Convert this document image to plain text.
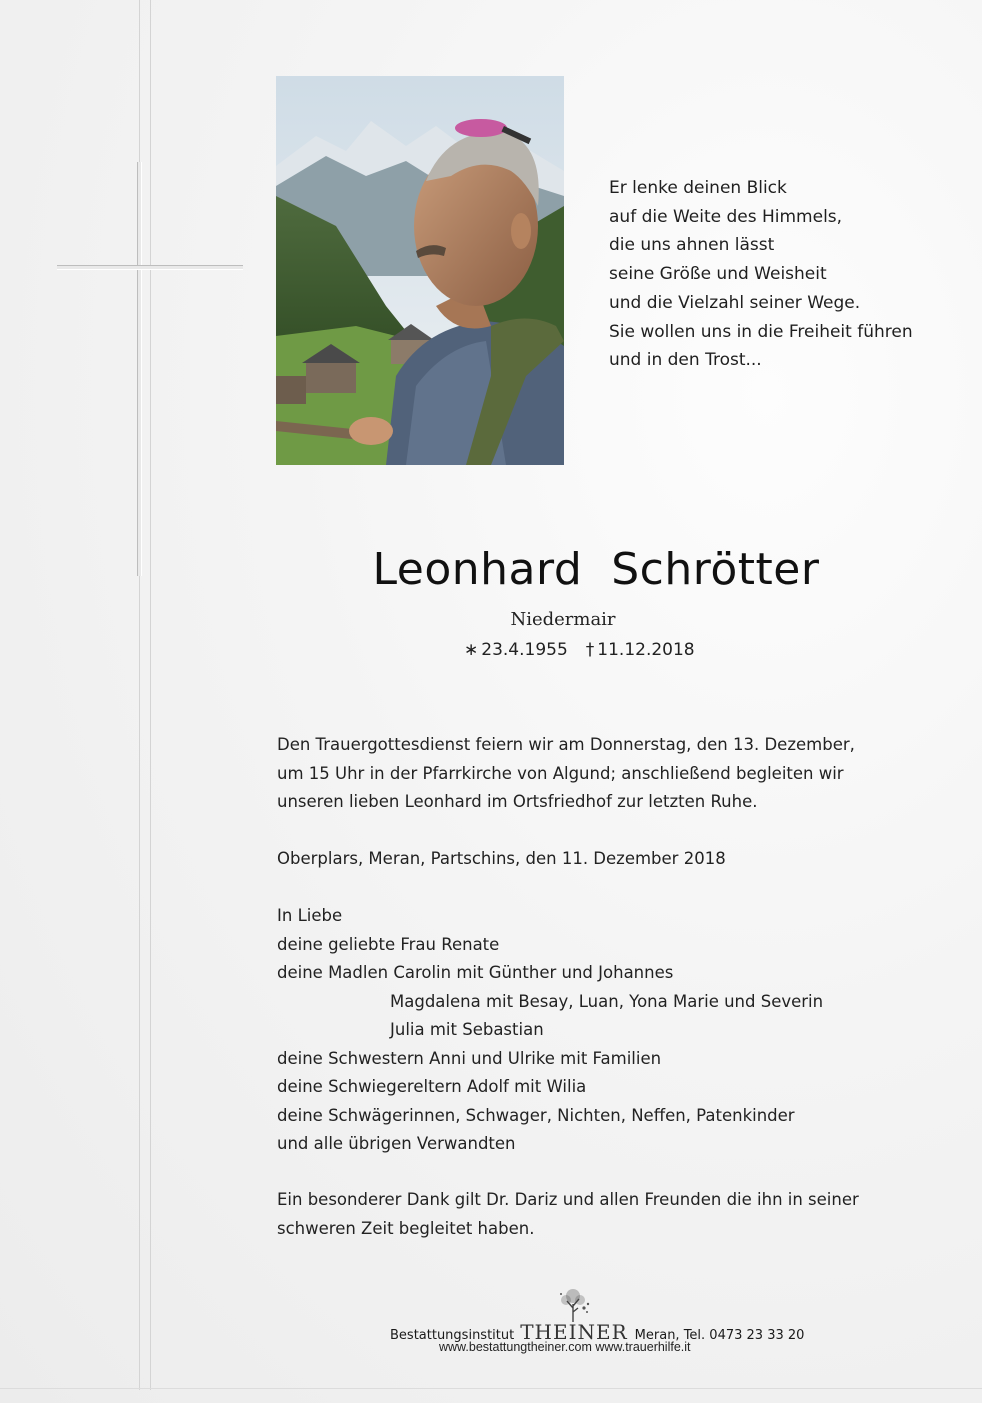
Er lenke deinen Blick
auf die Weite des Himmels,
die uns ahnen lässt
seine Größe und Weisheit
und die Vielzahl seiner Wege.
Sie wollen uns in die Freiheit führen
und in den Trost...
Leonhard Schrötter
Niedermair
∗ 23.4.1955 † 11.12.2018
Den Trauergottesdienst feiern wir am Donnerstag, den 13. Dezember,
um 15 Uhr in der Pfarrkirche von Algund; anschließend begleiten wir
unseren lieben Leonhard im Ortsfriedhof zur letzten Ruhe.
Oberplars, Meran, Partschins, den 11. Dezember 2018
In Liebe
deine geliebte Frau Renate
deine Madlen Carolin mit Günther und Johannes
Magdalena mit Besay, Luan, Yona Marie und Severin
Julia mit Sebastian
deine Schwestern Anni und Ulrike mit Familien
deine Schwiegereltern Adolf mit Wilia
deine Schwägerinnen, Schwager, Nichten, Neffen, Patenkinder
und alle übrigen Verwandten
Ein besonderer Dank gilt Dr. Dariz und allen Freunden die ihn in seiner
schweren Zeit begleitet haben.
Bestattungsinstitut THEINER Meran, Tel. 0473 23 33 20
www.bestattungtheiner.com www.trauerhilfe.it
